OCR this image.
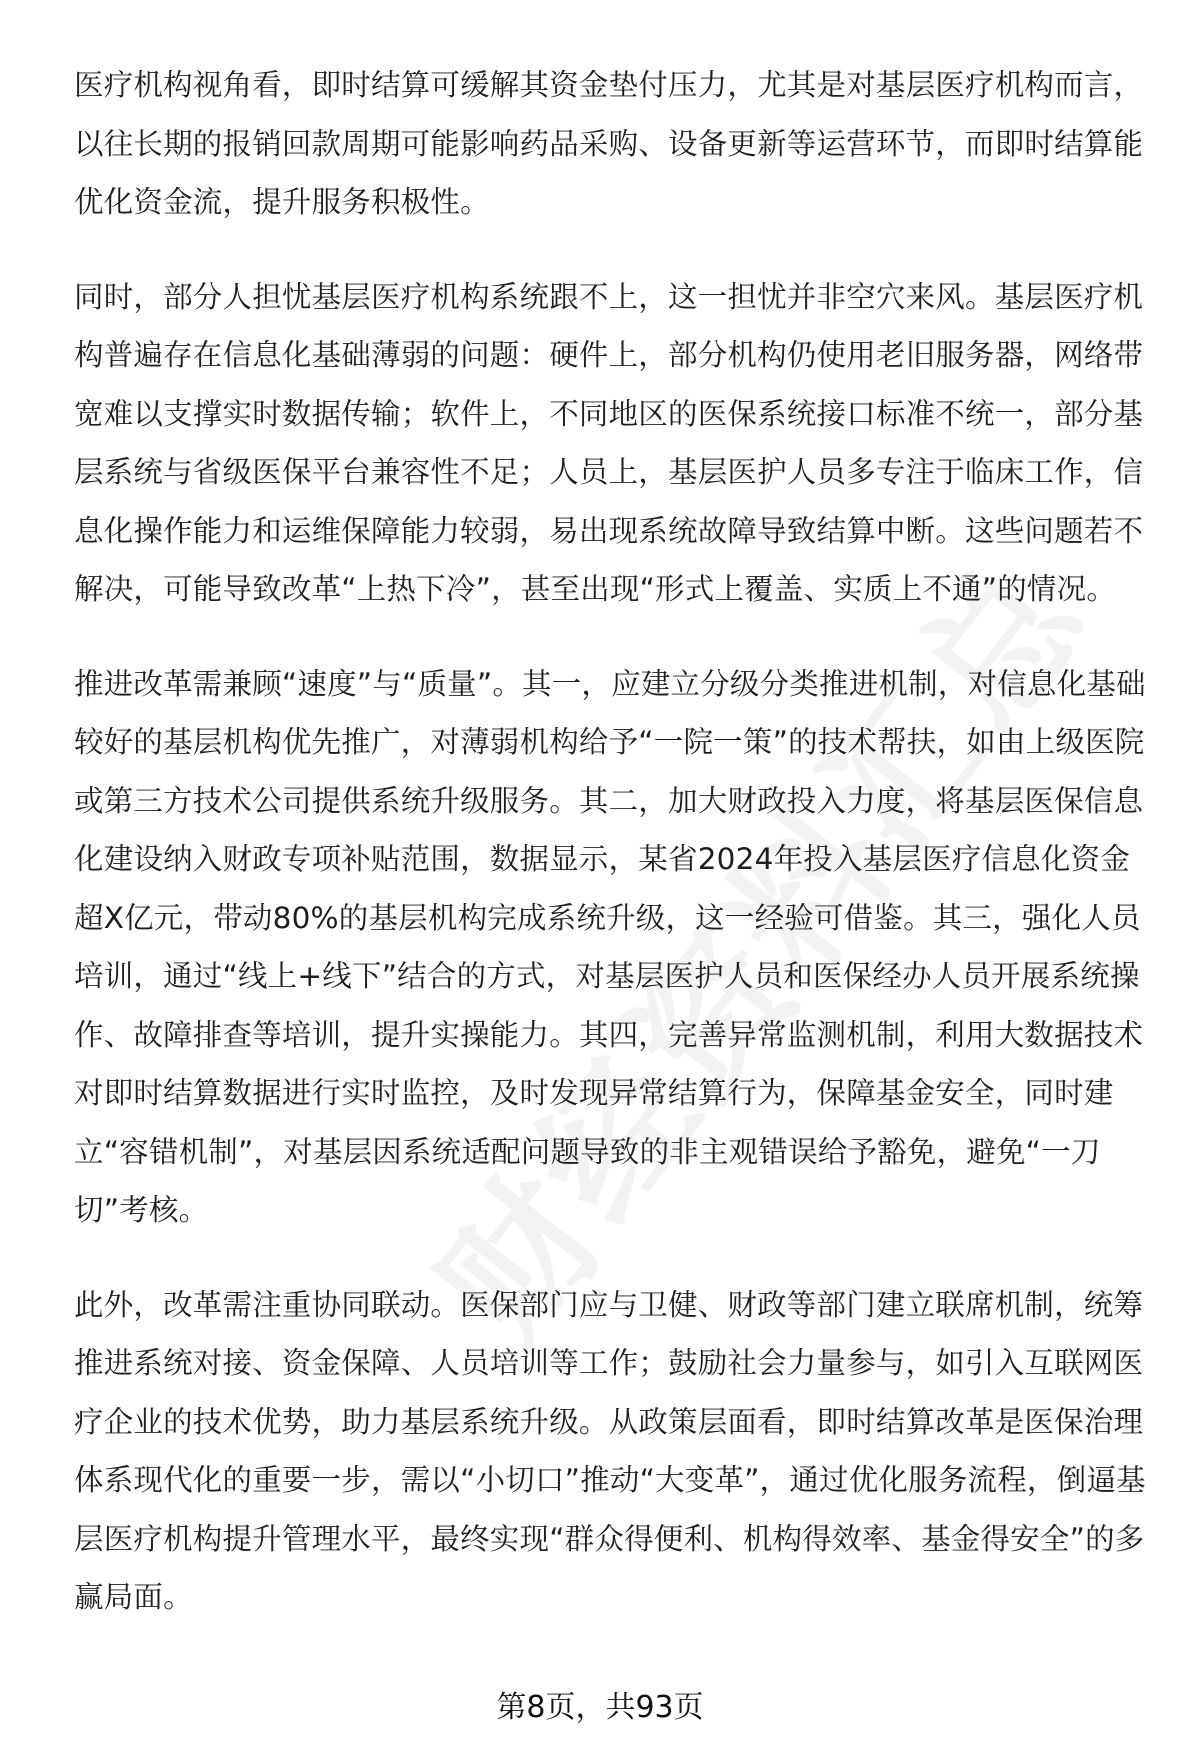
医疗机构视角看，即时结算可缓解其资金垫付压力，尤其是对基层医疗机构而言，以往长期的报销回款周期可能影响药品采购、设备更新等运营环节，而即时结算能优化资金流，提升服务积极性。

同时，部分人担忧基层医疗机构系统跟不上，这一担忧并非空穴来风。基层医疗机构普遍存在信息化基础薄弱的问题：硬件上，部分机构仍使用老旧服务器，网络带宽难以支撑实时数据传输；软件上，不同地区的医保系统接口标准不统一，部分基层系统与省级医保平台兼容性不足；人员上，基层医护人员多专注于临床工作，信息化操作能力和运维保障能力较弱，易出现系统故障导致结算中断。这些问题若不解决，可能导致改革“上热下冷”，甚至出现“形式上覆盖、实质上不通”的情况。

推进改革需兼顾“速度”与“质量”。其一，应建立分级分类推进机制，对信息化基础较好的基层机构优先推广，对薄弱机构给予“一院一策”的技术帮扶，如由上级医院或第三方技术公司提供系统升级服务。其二，加大财政投入力度，将基层医保信息化建设纳入财政专项补贴范围，数据显示，某省2024年投入基层医疗信息化资金超X亿元，带动80%的基层机构完成系统升级，这一经验可借鉴。其三，强化人员培训，通过“线上+线下”结合的方式，对基层医护人员和医保经办人员开展系统操作、故障排查等培训，提升实操能力。其四，完善异常监测机制，利用大数据技术对即时结算数据进行实时监控，及时发现异常结算行为，保障基金安全，同时建立“容错机制”，对基层因系统适配问题导致的非主观错误给予豁免，避免“一刀切”考核。

此外，改革需注重协同联动。医保部门应与卫健、财政等部门建立联席机制，统筹推进系统对接、资金保障、人员培训等工作；鼓励社会力量参与，如引入互联网医疗企业的技术优势，助力基层系统升级。从政策层面看，即时结算改革是医保治理体系现代化的重要一步，需以“小切口”推动“大变革”，通过优化服务流程，倒逼基层医疗机构提升管理水平，最终实现“群众得便利、机构得效率、基金得安全”的多赢局面。

第8页，共93页
